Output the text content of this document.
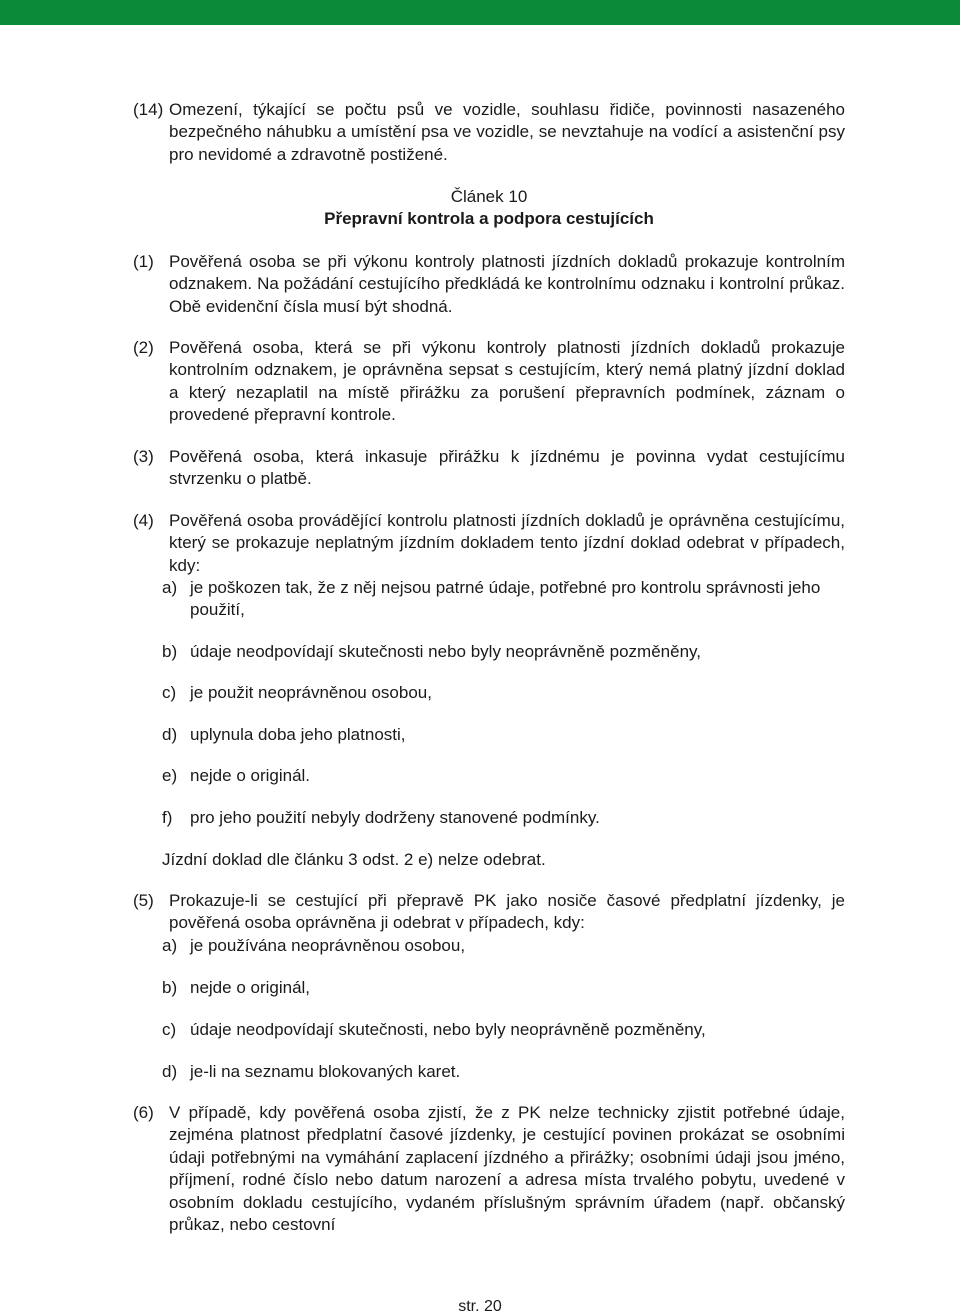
(14) Omezení, týkající se počtu psů ve vozidle, souhlasu řidiče, povinnosti nasazeného bezpečného náhubku a umístění psa ve vozidle, se nevztahuje na vodící a asistenční psy pro nevidomé a zdravotně postižené.
Článek 10
Přepravní kontrola a podpora cestujících
(1) Pověřená osoba se při výkonu kontroly platnosti jízdních dokladů prokazuje kontrolním odznakem. Na požádání cestujícího předkládá ke kontrolnímu odznaku i kontrolní průkaz. Obě evidenční čísla musí být shodná.
(2) Pověřená osoba, která se při výkonu kontroly platnosti jízdních dokladů prokazuje kontrolním odznakem, je oprávněna sepsat s cestujícím, který nemá platný jízdní doklad a který nezaplatil na místě přirážku za porušení přepravních podmínek, záznam o provedené přepravní kontrole.
(3) Pověřená osoba, která inkasuje přirážku k jízdnému je povinna vydat cestujícímu stvrzenku o platbě.
(4) Pověřená osoba provádějící kontrolu platnosti jízdních dokladů je oprávněna cestujícímu, který se prokazuje neplatným jízdním dokladem tento jízdní doklad odebrat v případech, kdy:
a) je poškozen tak, že z něj nejsou patrné údaje, potřebné pro kontrolu správnosti jeho použití,
b) údaje neodpovídají skutečnosti nebo byly neoprávněně pozměněny,
c) je použit neoprávněnou osobou,
d) uplynula doba jeho platnosti,
e) nejde o originál.
f) pro jeho použití nebyly dodrženy stanovené podmínky.
Jízdní doklad dle článku 3 odst. 2 e) nelze odebrat.
(5) Prokazuje-li se cestující při přepravě PK jako nosiče časové předplatní jízdenky, je pověřená osoba oprávněna ji odebrat v případech, kdy:
a) je používána neoprávněnou osobou,
b) nejde o originál,
c) údaje neodpovídají skutečnosti, nebo byly neoprávněně pozměněny,
d) je-li na seznamu blokovaných karet.
(6) V případě, kdy pověřená osoba zjistí, že z PK nelze technicky zjistit potřebné údaje, zejména platnost předplatní časové jízdenky, je cestující povinen prokázat se osobními údaji potřebnými na vymáhání zaplacení jízdného a přirážky; osobními údaji jsou jméno, příjmení, rodné číslo nebo datum narození a adresa místa trvalého pobytu, uvedené v osobním dokladu cestujícího, vydaném příslušným správním úřadem (např. občanský průkaz, nebo cestovní
str. 20
